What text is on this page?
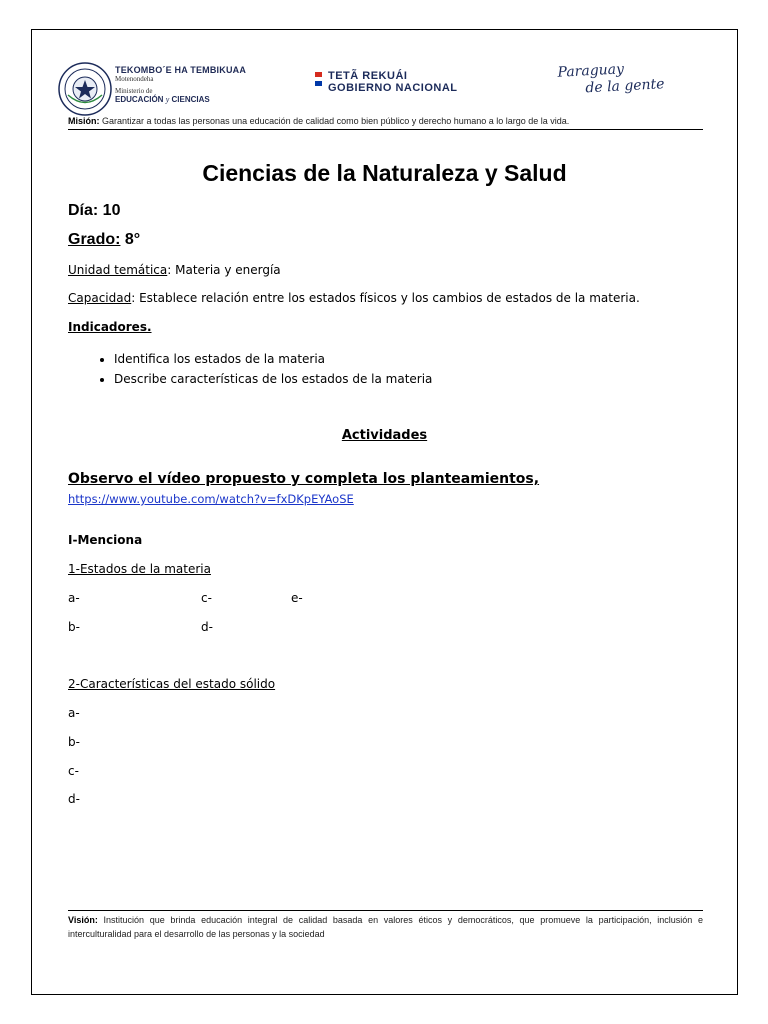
TEKOMBO´E HA TEMBIKUAA
Motenondeha
Ministerio de
EDUCACIÓN y CIENCIAS
TETÃ REKUÁI
GOBIERNO NACIONAL
Paraguay
de la gente
Misión: Garantizar a todas las personas una educación de calidad como bien público y derecho humano a lo largo de la vida.
Ciencias de la Naturaleza y Salud
Día: 10
Grado: 8°
Unidad temática: Materia y energía
Capacidad: Establece relación entre los estados físicos y los cambios de estados de la materia.
Indicadores.
• Identifica los estados de la materia
• Describe características de los estados de la materia
Actividades
Observo el vídeo propuesto y completa los planteamientos,
https://www.youtube.com/watch?v=fxDKpEYAoSE
I-Menciona
1-Estados de la materia
a-	c-	e-
b-	d-
2-Características del estado sólido
a-
b-
c-
d-
Visión: Institución que brinda educación integral de calidad basada en valores éticos y democráticos, que promueve la participación, inclusión e interculturalidad para el desarrollo de las personas y la sociedad
